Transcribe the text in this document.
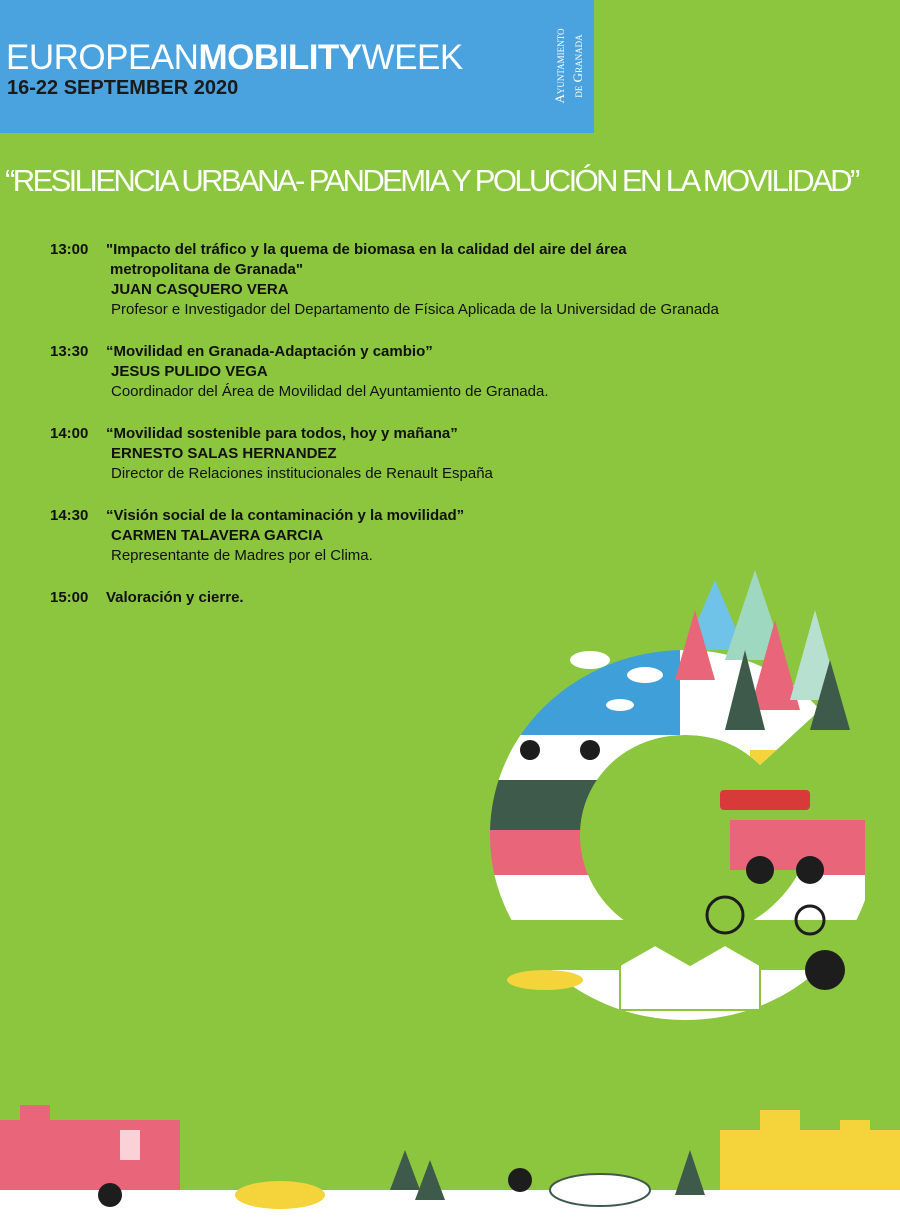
EUROPEANMOBILITYWEEK
16-22 SEPTEMBER 2020	Ayuntamiento de Granada
“RESILIENCIA URBANA- PANDEMIA Y POLUCIÓN EN LA MOVILIDAD”
13:00	"Impacto del tráfico y la quema de biomasa en la calidad del aire del área
metropolitana de Granada"
JUAN CASQUERO VERA
Profesor e Investigador del Departamento de Física Aplicada de la Universidad de Granada
13:30	“Movilidad en Granada-Adaptación y cambio”
JESUS PULIDO VEGA
Coordinador del Área de Movilidad del Ayuntamiento de Granada.
14:00	“Movilidad sostenible para todos, hoy y mañana”
ERNESTO SALAS HERNANDEZ
Director de Relaciones institucionales de Renault España
14:30	“Visión social de la contaminación y la movilidad”
CARMEN TALAVERA GARCIA
Representante de Madres por el Clima.
15:00	Valoración y cierre.
